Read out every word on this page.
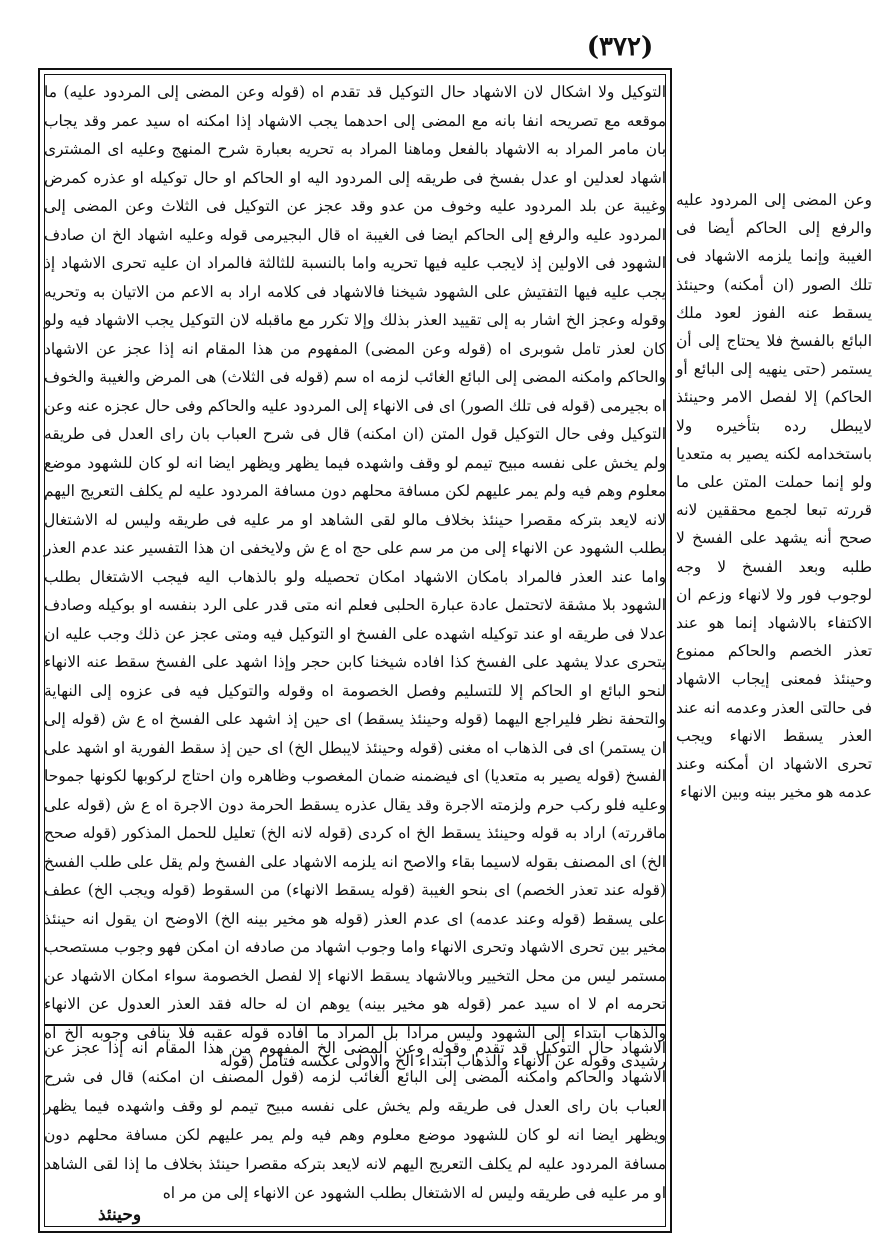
(٣٧٢)
التوكيل ولا اشكال لان الاشهاد حال التوكيل قد تقدم اه (قوله وعن المضى إلى المردود عليه) ما موقعه مع تصريحه انفا بانه مع المضى إلى احدهما يجب الاشهاد إذا امكنه اه سيد عمر وقد يجاب بان مامر المراد به الاشهاد بالفعل وماهنا المراد به تحريه بعبارة شرح المنهج وعليه اى المشترى اشهاد لعدلين او عدل بفسخ فى طريقه إلى المردود اليه او الحاكم او حال توكيله او عذره كمرض وغيبة عن بلد المردود عليه وخوف من عدو وقد عجز عن التوكيل فى الثلاث وعن المضى إلى المردود عليه والرفع إلى الحاكم ايضا فى الغيبة اه قال البجيرمى قوله وعليه اشهاد الخ ان صادف الشهود فى الاولين إذ لايجب عليه فيها تحريه واما بالنسبة للثالثة فالمراد ان عليه تحرى الاشهاد إذ يجب عليه فيها التفتيش على الشهود شيخنا فالاشهاد فى كلامه اراد به الاعم من الاتيان به وتحريه وقوله وعجز الخ اشار به إلى تقييد العذر بذلك وإلا تكرر مع ماقبله لان التوكيل يجب الاشهاد فيه ولو كان لعذر تامل شوبرى اه (قوله وعن المضى) المفهوم من هذا المقام انه إذا عجز عن الاشهاد والحاكم وامكنه المضى إلى البائع الغائب لزمه اه سم (قوله فى الثلاث) هى المرض والغيبة والخوف اه بجيرمى (قوله فى تلك الصور) اى فى الانهاء إلى المردود عليه والحاكم وفى حال عجزه عنه وعن التوكيل وفى حال التوكيل قول المتن (ان امكنه) قال فى شرح العباب بان راى العدل فى طريقه ولم يخش على نفسه مبيح تيمم لو وقف واشهده فيما يظهر ويظهر ايضا انه لو كان للشهود موضع معلوم وهم فيه ولم يمر عليهم لكن مسافة محلهم دون مسافة المردود عليه لم يكلف التعريج اليهم لانه لايعد بتركه مقصرا حينئذ بخلاف مالو لقى الشاهد او مر عليه فى طريقه وليس له الاشتغال بطلب الشهود عن الانهاء إلى من مر سم على حج اه ع ش ولايخفى ان هذا التفسير عند عدم العذر واما عند العذر فالمراد بامكان الاشهاد امكان تحصيله ولو بالذهاب اليه فيجب الاشتغال بطلب الشهود بلا مشقة لاتحتمل عادة عبارة الحلبى فعلم انه متى قدر على الرد بنفسه او بوكيله وصادف عدلا فى طريقه او عند توكيله اشهده على الفسخ او التوكيل فيه ومتى عجز عن ذلك وجب عليه ان يتحرى عدلا يشهد على الفسخ كذا افاده شيخنا كابن حجر وإذا اشهد على الفسخ سقط عنه الانهاء لنحو البائع او الحاكم إلا للتسليم وفصل الخصومة اه وقوله والتوكيل فيه فى عزوه إلى النهاية والتحفة نظر فليراجع اليهما (قوله وحينئذ يسقط) اى حين إذ اشهد على الفسخ اه ع ش (قوله إلى ان يستمر) اى فى الذهاب اه مغنى (قوله وحينئذ لايبطل الخ) اى حين إذ سقط الفورية او اشهد على الفسخ (قوله يصير به متعديا) اى فيضمنه ضمان المغصوب وظاهره وان احتاج لركوبها لكونها جموحا وعليه فلو ركب حرم ولزمته الاجرة وقد يقال عذره يسقط الحرمة دون الاجرة اه ع ش (قوله على ماقررته) اراد به قوله وحينئذ يسقط الخ اه كردى (قوله لانه الخ) تعليل للحمل المذكور (قوله صحح الخ) اى المصنف بقوله لاسيما بقاء والاصح انه يلزمه الاشهاد على الفسخ ولم يقل على طلب الفسخ (قوله عند تعذر الخصم) اى بنحو الغيبة (قوله يسقط الانهاء) من السقوط (قوله ويجب الخ) عطف على يسقط (قوله وعند عدمه) اى عدم العذر (قوله هو مخير بينه الخ) الاوضح ان يقول انه حينئذ مخير بين تحرى الاشهاد وتحرى الانهاء واما وجوب اشهاد من صادفه ان امكن فهو وجوب مستصحب مستمر ليس من محل التخيير وبالاشهاد يسقط الانهاء إلا لفصل الخصومة سواء امكان الاشهاد عن تحرمه ام لا اه سيد عمر (قوله هو مخير بينه) يوهم ان له حاله فقد العذر العدول عن الانهاء والذهاب ابتداء إلى الشهود وليس مرادا بل المراد ما افاده قوله عقبه فلا ينافى وجوبه الخ اه رشيدى وقوله عن الانهاء والذهاب ابتداء الخ والاولى عكسه فتامل (قوله
الاشهاد حال التوكيل قد تقدم وقوله وعن المضى الخ المفهوم من هذا المقام انه إذا عجز عن الاشهاد والحاكم وامكنه المضى إلى البائع الغائب لزمه (قول المصنف ان امكنه) قال فى شرح العباب بان راى العدل فى طريقه ولم يخش على نفسه مبيح تيمم لو وقف واشهده فيما يظهر ويظهر ايضا انه لو كان للشهود موضع معلوم وهم فيه ولم يمر عليهم لكن مسافة محلهم دون مسافة المردود عليه لم يكلف التعريج اليهم لانه لايعد بتركه مقصرا حينئذ بخلاف ما إذا لقى الشاهد او مر عليه فى طريقه وليس له الاشتغال بطلب الشهود عن الانهاء إلى من مر اه
وعن المضى إلى المردود عليه والرفع إلى الحاكم أيضا فى الغيبة وإنما يلزمه الاشهاد فى تلك الصور (ان أمكنه) وحينئذ يسقط عنه الفوز لعود ملك البائع بالفسخ فلا يحتاج إلى أن يستمر (حتى ينهيه إلى البائع أو الحاكم) إلا لفصل الامر وحينئذ لايبطل رده بتأخيره ولا باستخدامه لكنه يصير به متعديا ولو إنما حملت المتن على ما قررته تبعا لجمع محققين لانه صحح أنه يشهد على الفسخ لا طلبه وبعد الفسخ لا وجه لوجوب فور ولا لانهاء وزعم ان الاكتفاء بالاشهاد إنما هو عند تعذر الخصم والحاكم ممنوع وحينئذ فمعنى إيجاب الاشهاد فى حالتى العذر وعدمه انه عند العذر يسقط الانهاء ويجب تحرى الاشهاد ان أمكنه وعند عدمه هو مخير بينه وبين الانهاء
وحينئذ
